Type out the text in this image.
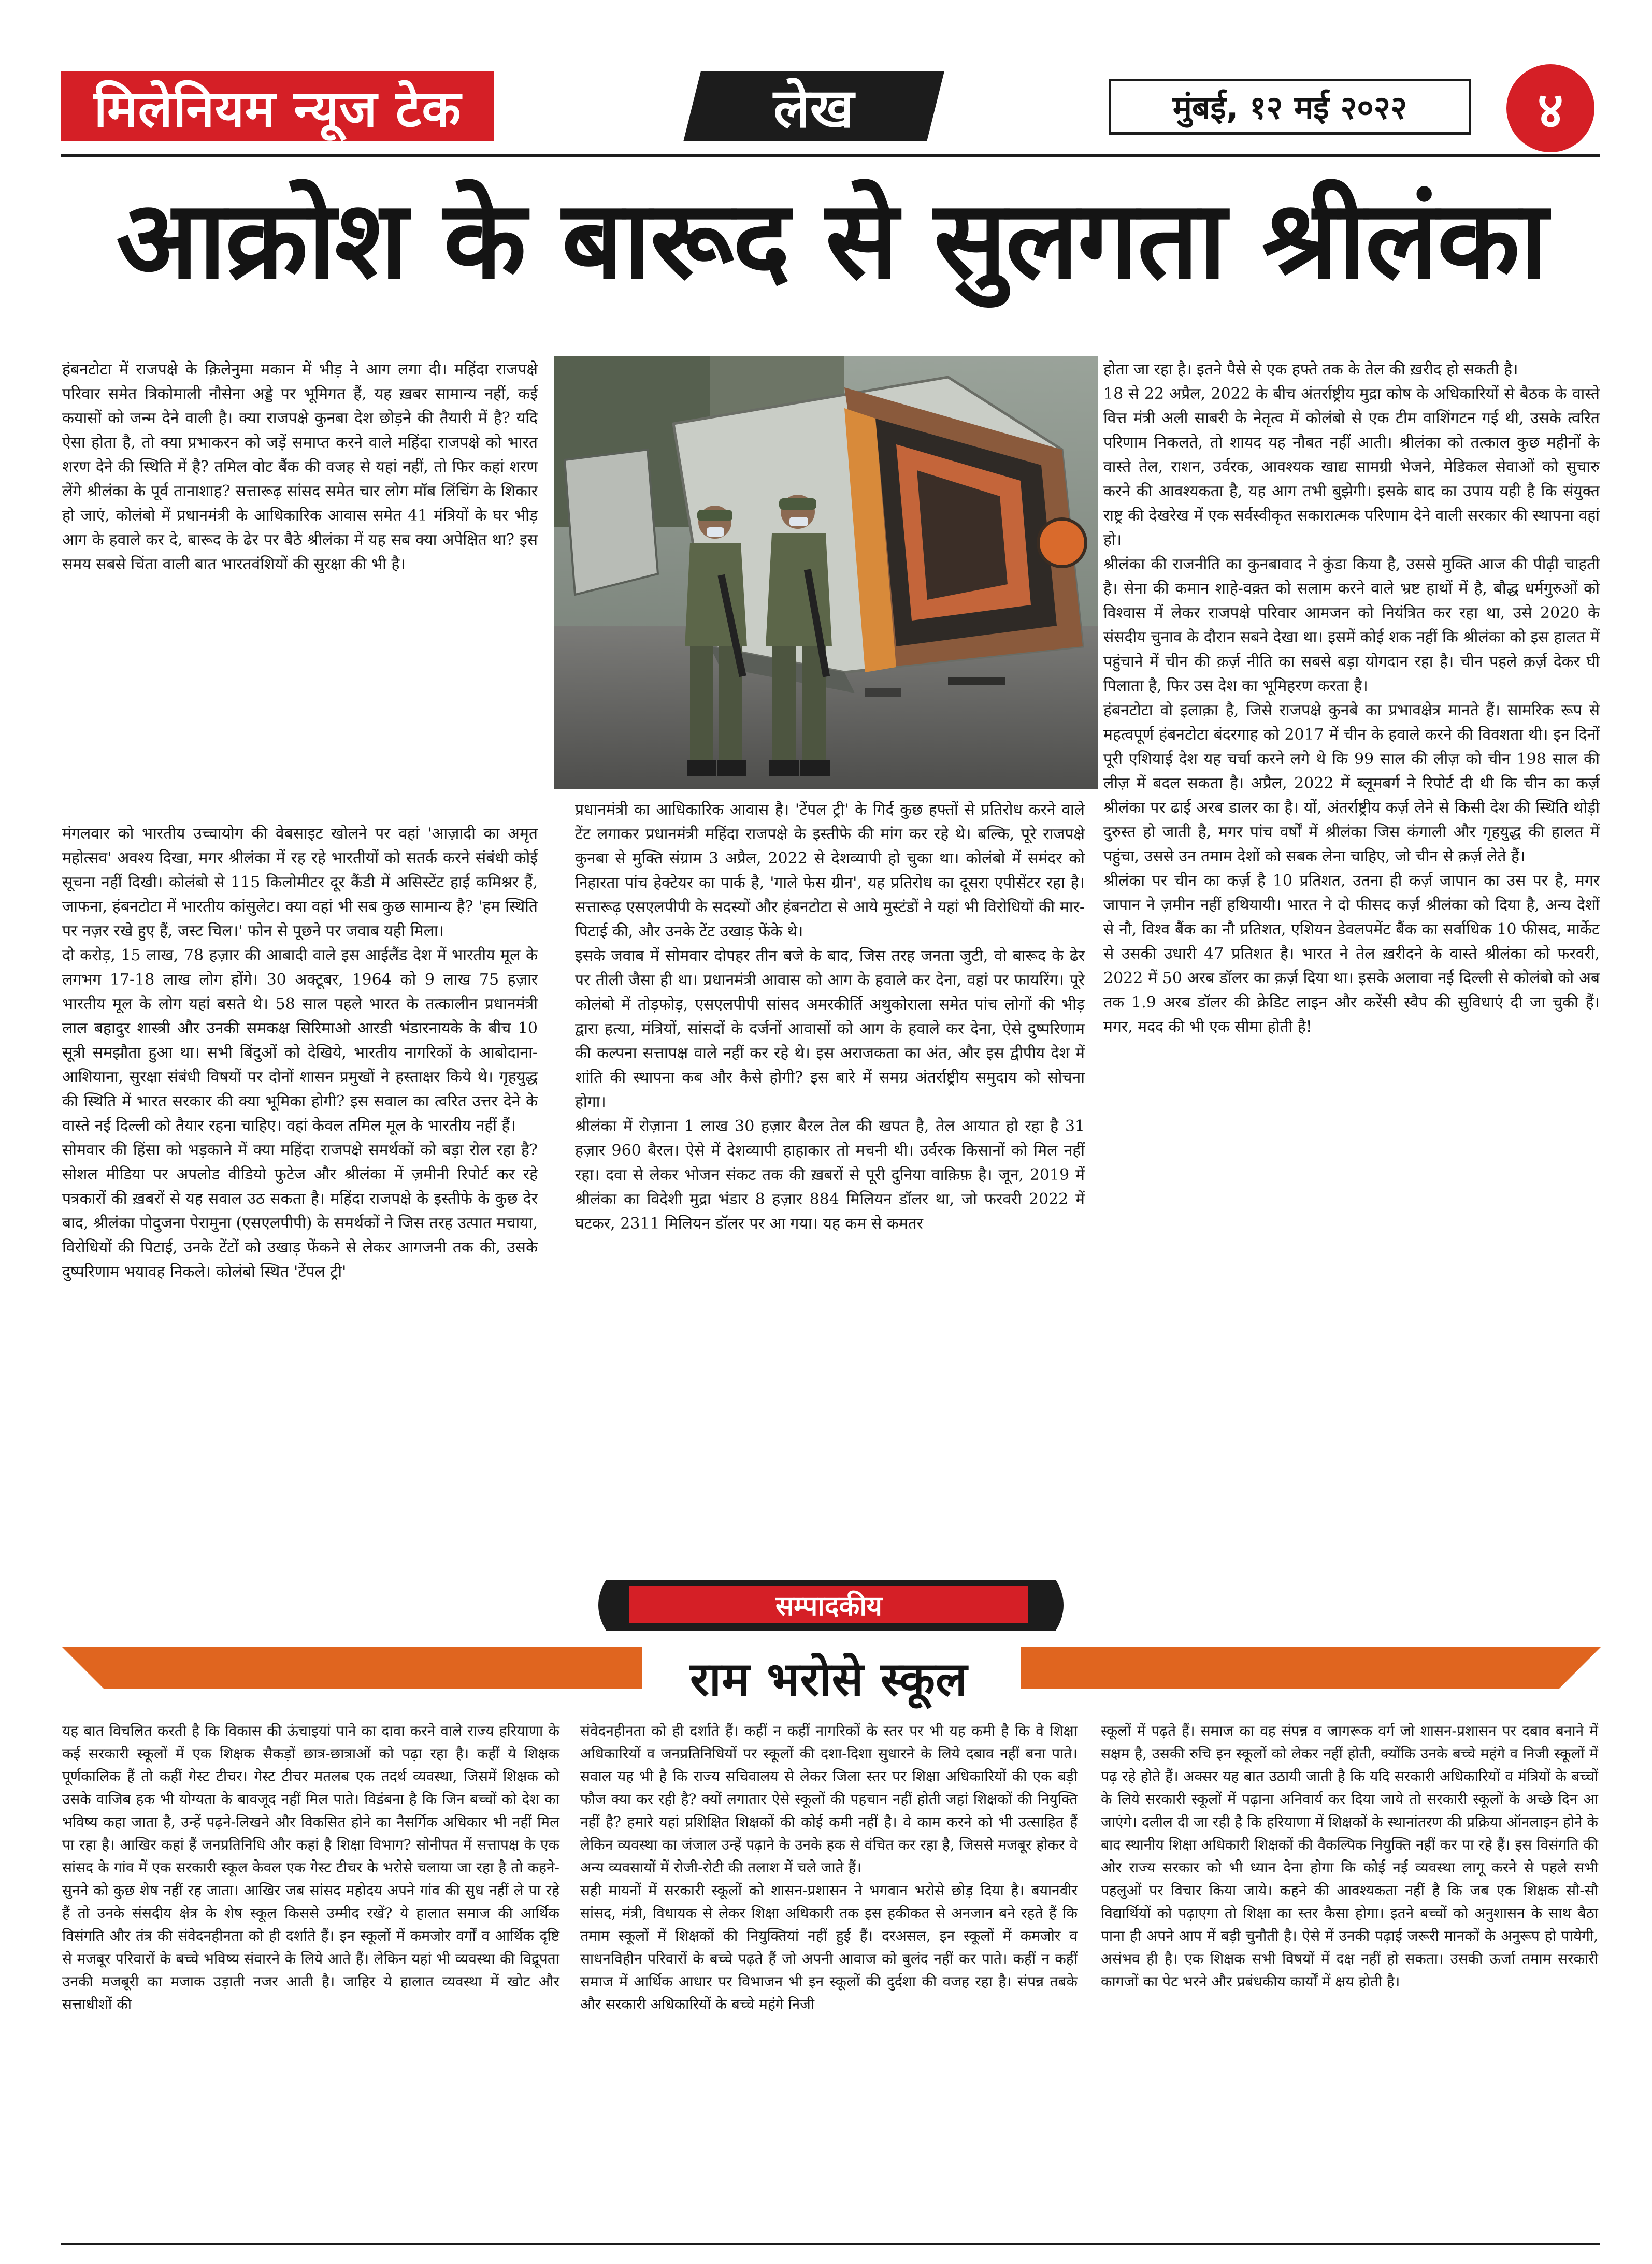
मिलेनियम न्यूज टेक	लेख	मुंबई, १२ मई २०२२	४
आक्रोश के बारूद से सुलगता श्रीलंका

हंबनटोटा में राजपक्षे के क़िलेनुमा मकान में भीड़ ने आग लगा दी। महिंदा राजपक्षे परिवार समेत त्रिकोमाली नौसेना अड्डे पर भूमिगत हैं, यह ख़बर सामान्य नहीं, कई कयासों को जन्म देने वाली है। क्या राजपक्षे कुनबा देश छोड़ने की तैयारी में है? यदि ऐसा होता है, तो क्या प्रभाकरन को जड़ें समाप्त करने वाले महिंदा राजपक्षे को भारत शरण देने की स्थिति में है? तमिल वोट बैंक की वजह से यहां नहीं, तो फिर कहां शरण लेंगे श्रीलंका के पूर्व तानाशाह? सत्तारूढ़ सांसद समेत चार लोग मॉब लिंचिंग के शिकार हो जाएं, कोलंबो में प्रधानमंत्री के आधिकारिक आवास समेत 41 मंत्रियों के घर भीड़ आग के हवाले कर दे, बारूद के ढेर पर बैठे श्रीलंका में यह सब क्या अपेक्षित था? इस समय सबसे चिंता वाली बात भारतवंशियों की सुरक्षा की भी है।

मंगलवार को भारतीय उच्चायोग की वेबसाइट खोलने पर वहां 'आज़ादी का अमृत महोत्सव' अवश्य दिखा, मगर श्रीलंका में रह रहे भारतीयों को सतर्क करने संबंधी कोई सूचना नहीं दिखी। कोलंबो से 115 किलोमीटर दूर कैंडी में असिस्टेंट हाई कमिश्नर हैं, जाफना, हंबनटोटा में भारतीय कांसुलेट। क्या वहां भी सब कुछ सामान्य है? 'हम स्थिति पर नज़र रखे हुए हैं, जस्ट चिल।' फोन से पूछने पर जवाब यही मिला।

दो करोड़, 15 लाख, 78 हज़ार की आबादी वाले इस आईलैंड देश में भारतीय मूल के लगभग 17-18 लाख लोग होंगे। 30 अक्टूबर, 1964 को 9 लाख 75 हज़ार भारतीय मूल के लोग यहां बसते थे। 58 साल पहले भारत के तत्कालीन प्रधानमंत्री लाल बहादुर शास्त्री और उनकी समकक्ष सिरिमाओ आरडी भंडारनायके के बीच 10 सूत्री समझौता हुआ था। सभी बिंदुओं को देखिये, भारतीय नागरिकों के आबोदाना-आशियाना, सुरक्षा संबंधी विषयों पर दोनों शासन प्रमुखों ने हस्ताक्षर किये थे। गृहयुद्ध की स्थिति में भारत सरकार की क्या भूमिका होगी? इस सवाल का त्वरित उत्तर देने के वास्ते नई दिल्ली को तैयार रहना चाहिए। वहां केवल तमिल मूल के भारतीय नहीं हैं।

सोमवार की हिंसा को भड़काने में क्या महिंदा राजपक्षे समर्थकों को बड़ा रोल रहा है? सोशल मीडिया पर अपलोड वीडियो फुटेज और श्रीलंका में ज़मीनी रिपोर्ट कर रहे पत्रकारों की ख़बरों से यह सवाल उठ सकता है। महिंदा राजपक्षे के इस्तीफे के कुछ देर बाद, श्रीलंका पोदुजना पेरामुना (एसएलपीपी) के समर्थकों ने जिस तरह उत्पात मचाया, विरोधियों की पिटाई, उनके टेंटों को उखाड़ फेंकने से लेकर आगजनी तक की, उसके दुष्परिणाम भयावह निकले। कोलंबो स्थित 'टेंपल ट्री'

प्रधानमंत्री का आधिकारिक आवास है। 'टेंपल ट्री' के गिर्द कुछ हफ्तों से प्रतिरोध करने वाले टेंट लगाकर प्रधानमंत्री महिंदा राजपक्षे के इस्तीफे की मांग कर रहे थे। बल्कि, पूरे राजपक्षे कुनबा से मुक्ति संग्राम 3 अप्रैल, 2022 से देशव्यापी हो चुका था। कोलंबो में समंदर को निहारता पांच हेक्टेयर का पार्क है, 'गाले फेस ग्रीन', यह प्रतिरोध का दूसरा एपीसेंटर रहा है। सत्तारूढ़ एसएलपीपी के सदस्यों और हंबनटोटा से आये मुस्टंडों ने यहां भी विरोधियों की मार-पिटाई की, और उनके टेंट उखाड़ फेंके थे।

इसके जवाब में सोमवार दोपहर तीन बजे के बाद, जिस तरह जनता जुटी, वो बारूद के ढेर पर तीली जैसा ही था। प्रधानमंत्री आवास को आग के हवाले कर देना, वहां पर फायरिंग। पूरे कोलंबो में तोड़फोड़, एसएलपीपी सांसद अमरकीर्ति अथुकोराला समेत पांच लोगों की भीड़ द्वारा हत्या, मंत्रियों, सांसदों के दर्जनों आवासों को आग के हवाले कर देना, ऐसे दुष्परिणाम की कल्पना सत्तापक्ष वाले नहीं कर रहे थे। इस अराजकता का अंत, और इस द्वीपीय देश में शांति की स्थापना कब और कैसे होगी? इस बारे में समग्र अंतर्राष्ट्रीय समुदाय को सोचना होगा।

श्रीलंका में रोज़ाना 1 लाख 30 हज़ार बैरल तेल की खपत है, तेल आयात हो रहा है 31 हज़ार 960 बैरल। ऐसे में देशव्यापी हाहाकार तो मचनी थी। उर्वरक किसानों को मिल नहीं रहा। दवा से लेकर भोजन संकट तक की ख़बरों से पूरी दुनिया वाक़िफ़ है। जून, 2019 में श्रीलंका का विदेशी मुद्रा भंडार 8 हज़ार 884 मिलियन डॉलर था, जो फरवरी 2022 में घटकर, 2311 मिलियन डॉलर पर आ गया। यह कम से कमतर

होता जा रहा है। इतने पैसे से एक हफ्ते तक के तेल की ख़रीद हो सकती है।

18 से 22 अप्रैल, 2022 के बीच अंतर्राष्ट्रीय मुद्रा कोष के अधिकारियों से बैठक के वास्ते वित्त मंत्री अली साबरी के नेतृत्व में कोलंबो से एक टीम वाशिंगटन गई थी, उसके त्वरित परिणाम निकलते, तो शायद यह नौबत नहीं आती। श्रीलंका को तत्काल कुछ महीनों के वास्ते तेल, राशन, उर्वरक, आवश्यक खाद्य सामग्री भेजने, मेडिकल सेवाओं को सुचारु करने की आवश्यकता है, यह आग तभी बुझेगी। इसके बाद का उपाय यही है कि संयुक्त राष्ट्र की देखरेख में एक सर्वस्वीकृत सकारात्मक परिणाम देने वाली सरकार की स्थापना वहां हो।

श्रीलंका की राजनीति का कुनबावाद ने कुंडा किया है, उससे मुक्ति आज की पीढ़ी चाहती है। सेना की कमान शाहे-वक़्त को सलाम करने वाले भ्रष्ट हाथों में है, बौद्ध धर्मगुरुओं को विश्वास में लेकर राजपक्षे परिवार आमजन को नियंत्रित कर रहा था, उसे 2020 के संसदीय चुनाव के दौरान सबने देखा था। इसमें कोई शक नहीं कि श्रीलंका को इस हालत में पहुंचाने में चीन की क़र्ज़ नीति का सबसे बड़ा योगदान रहा है। चीन पहले क़र्ज़ देकर घी पिलाता है, फिर उस देश का भूमिहरण करता है।

हंबनटोटा वो इलाक़ा है, जिसे राजपक्षे कुनबे का प्रभावक्षेत्र मानते हैं। सामरिक रूप से महत्वपूर्ण हंबनटोटा बंदरगाह को 2017 में चीन के हवाले करने की विवशता थी। इन दिनों पूरी एशियाई देश यह चर्चा करने लगे थे कि 99 साल की लीज़ को चीन 198 साल की लीज़ में बदल सकता है। अप्रैल, 2022 में ब्लूमबर्ग ने रिपोर्ट दी थी कि चीन का कर्ज़ श्रीलंका पर ढाई अरब डालर का है। यों, अंतर्राष्ट्रीय कर्ज़ लेने से किसी देश की स्थिति थोड़ी दुरुस्त हो जाती है, मगर पांच वर्षों में श्रीलंका जिस कंगाली और गृहयुद्ध की हालत में पहुंचा, उससे उन तमाम देशों को सबक लेना चाहिए, जो चीन से क़र्ज़ लेते हैं।

श्रीलंका पर चीन का कर्ज़ है 10 प्रतिशत, उतना ही कर्ज़ जापान का उस पर है, मगर जापान ने ज़मीन नहीं हथियायी। भारत ने दो फीसद कर्ज़ श्रीलंका को दिया है, अन्य देशों से नौ, विश्व बैंक का नौ प्रतिशत, एशियन डेवलपमेंट बैंक का सर्वाधिक 10 फीसद, मार्केट से उसकी उधारी 47 प्रतिशत है। भारत ने तेल ख़रीदने के वास्ते श्रीलंका को फरवरी, 2022 में 50 अरब डॉलर का क़र्ज़ दिया था। इसके अलावा नई दिल्ली से कोलंबो को अब तक 1.9 अरब डॉलर की क्रेडिट लाइन और करेंसी स्वैप की सुविधाएं दी जा चुकी हैं। मगर, मदद की भी एक सीमा होती है!

सम्पादकीय
राम भरोसे स्कूल

यह बात विचलित करती है कि विकास की ऊंचाइयां पाने का दावा करने वाले राज्य हरियाणा के कई सरकारी स्कूलों में एक शिक्षक सैकड़ों छात्र-छात्राओं को पढ़ा रहा है। कहीं ये शिक्षक पूर्णकालिक हैं तो कहीं गेस्ट टीचर। गेस्ट टीचर मतलब एक तदर्थ व्यवस्था, जिसमें शिक्षक को उसके वाजिब हक भी योग्यता के बावजूद नहीं मिल पाते। विडंबना है कि जिन बच्चों को देश का भविष्य कहा जाता है, उन्हें पढ़ने-लिखने और विकसित होने का नैसर्गिक अधिकार भी नहीं मिल पा रहा है। आखिर कहां हैं जनप्रतिनिधि और कहां है शिक्षा विभाग? सोनीपत में सत्तापक्ष के एक सांसद के गांव में एक सरकारी स्कूल केवल एक गेस्ट टीचर के भरोसे चलाया जा रहा है तो कहने-सुनने को कुछ शेष नहीं रह जाता। आखिर जब सांसद महोदय अपने गांव की सुध नहीं ले पा रहे हैं तो उनके संसदीय क्षेत्र के शेष स्कूल किससे उम्मीद रखें? ये हालात समाज की आर्थिक विसंगति और तंत्र की संवेदनहीनता को ही दर्शाते हैं। इन स्कूलों में कमजोर वर्गों व आर्थिक दृष्टि से मजबूर परिवारों के बच्चे भविष्य संवारने के लिये आते हैं। लेकिन यहां भी व्यवस्था की विद्रूपता उनकी मजबूरी का मजाक उड़ाती नजर आती है। जाहिर ये हालात व्यवस्था में खोट और सत्ताधीशों की

संवेदनहीनता को ही दर्शाते हैं। कहीं न कहीं नागरिकों के स्तर पर भी यह कमी है कि वे शिक्षा अधिकारियों व जनप्रतिनिधियों पर स्कूलों की दशा-दिशा सुधारने के लिये दबाव नहीं बना पाते। सवाल यह भी है कि राज्य सचिवालय से लेकर जिला स्तर पर शिक्षा अधिकारियों की एक बड़ी फौज क्या कर रही है? क्यों लगातार ऐसे स्कूलों की पहचान नहीं होती जहां शिक्षकों की नियुक्ति नहीं है? हमारे यहां प्रशिक्षित शिक्षकों की कोई कमी नहीं है। वे काम करने को भी उत्साहित हैं लेकिन व्यवस्था का जंजाल उन्हें पढ़ाने के उनके हक से वंचित कर रहा है, जिससे मजबूर होकर वे अन्य व्यवसायों में रोजी-रोटी की तलाश में चले जाते हैं।

सही मायनों में सरकारी स्कूलों को शासन-प्रशासन ने भगवान भरोसे छोड़ दिया है। बयानवीर सांसद, मंत्री, विधायक से लेकर शिक्षा अधिकारी तक इस हकीकत से अनजान बने रहते हैं कि तमाम स्कूलों में शिक्षकों की नियुक्तियां नहीं हुई हैं। दरअसल, इन स्कूलों में कमजोर व साधनविहीन परिवारों के बच्चे पढ़ते हैं जो अपनी आवाज को बुलंद नहीं कर पाते। कहीं न कहीं समाज में आर्थिक आधार पर विभाजन भी इन स्कूलों की दुर्दशा की वजह रहा है। संपन्न तबके और सरकारी अधिकारियों के बच्चे महंगे निजी

स्कूलों में पढ़ते हैं। समाज का वह संपन्न व जागरूक वर्ग जो शासन-प्रशासन पर दबाव बनाने में सक्षम है, उसकी रुचि इन स्कूलों को लेकर नहीं होती, क्योंकि उनके बच्चे महंगे व निजी स्कूलों में पढ़ रहे होते हैं। अक्सर यह बात उठायी जाती है कि यदि सरकारी अधिकारियों व मंत्रियों के बच्चों के लिये सरकारी स्कूलों में पढ़ाना अनिवार्य कर दिया जाये तो सरकारी स्कूलों के अच्छे दिन आ जाएंगे। दलील दी जा रही है कि हरियाणा में शिक्षकों के स्थानांतरण की प्रक्रिया ऑनलाइन होने के बाद स्थानीय शिक्षा अधिकारी शिक्षकों की वैकल्पिक नियुक्ति नहीं कर पा रहे हैं। इस विसंगति की ओर राज्य सरकार को भी ध्यान देना होगा कि कोई नई व्यवस्था लागू करने से पहले सभी पहलुओं पर विचार किया जाये। कहने की आवश्यकता नहीं है कि जब एक शिक्षक सौ-सौ विद्यार्थियों को पढ़ाएगा तो शिक्षा का स्तर कैसा होगा। इतने बच्चों को अनुशासन के साथ बैठा पाना ही अपने आप में बड़ी चुनौती है। ऐसे में उनकी पढ़ाई जरूरी मानकों के अनुरूप हो पायेगी, असंभव ही है। एक शिक्षक सभी विषयों में दक्ष नहीं हो सकता। उसकी ऊर्जा तमाम सरकारी कागजों का पेट भरने और प्रबंधकीय कार्यों में क्षय होती है।
